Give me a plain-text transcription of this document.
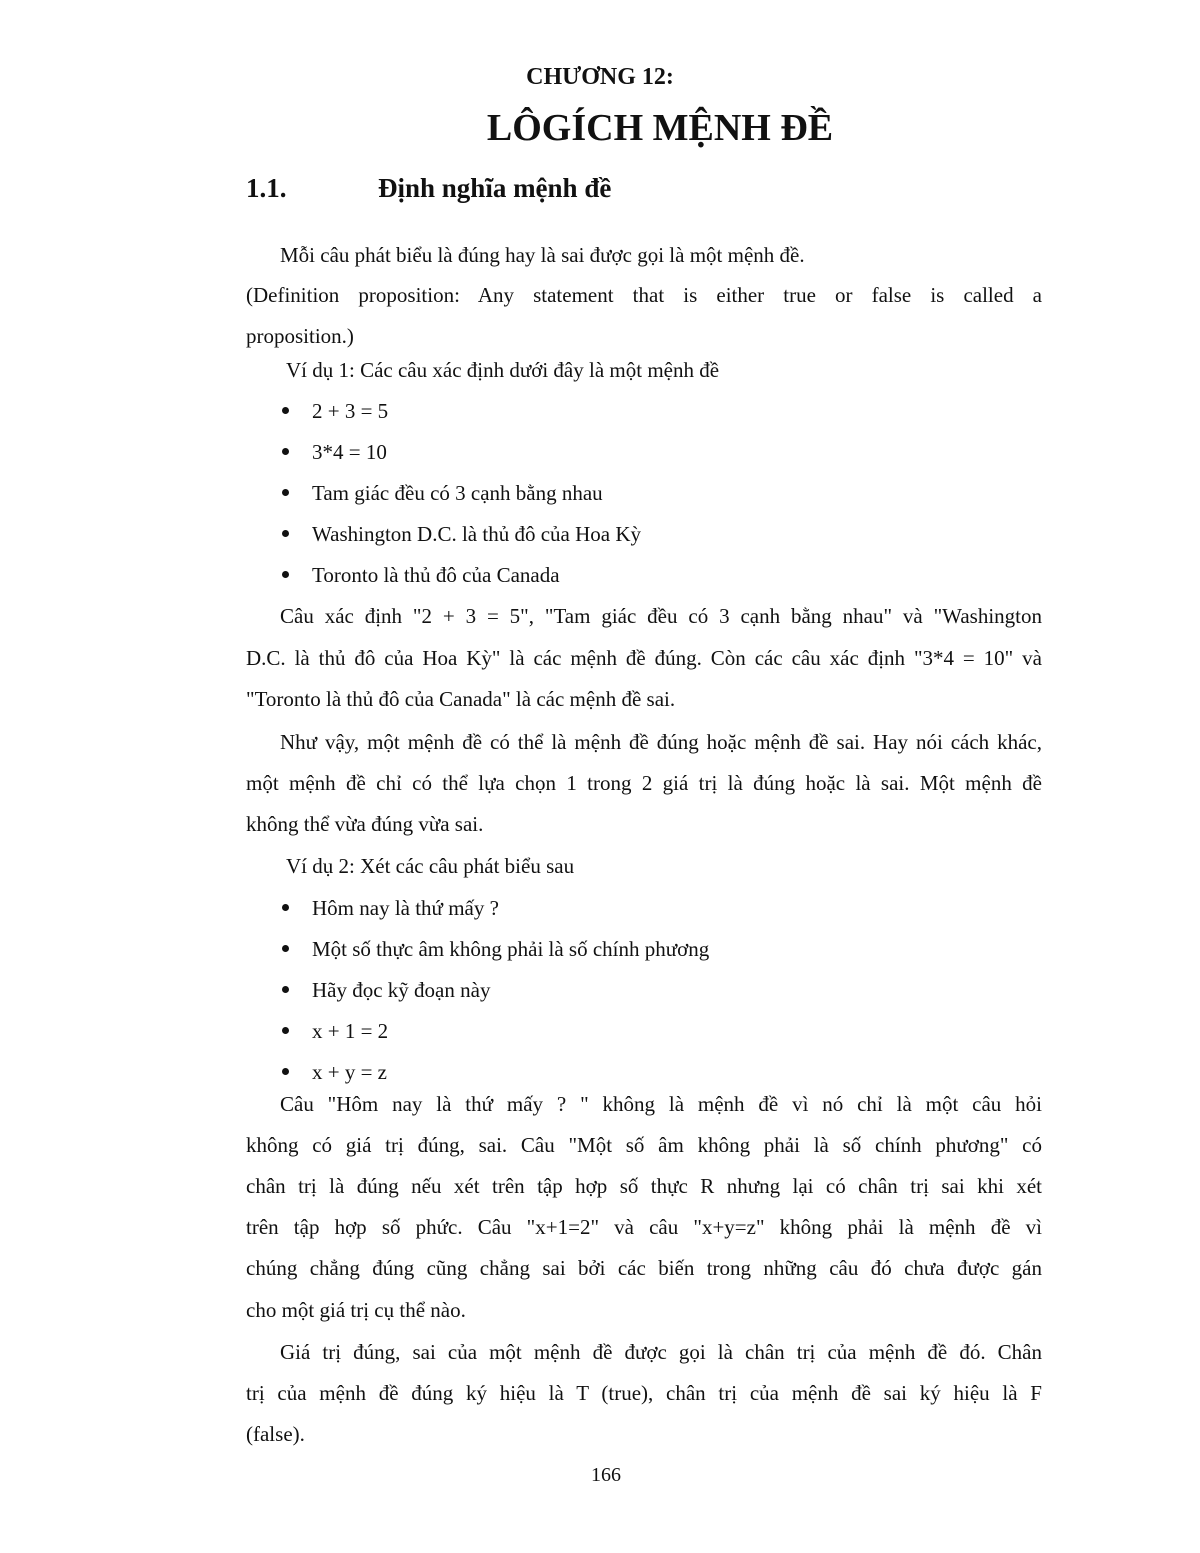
CHƯƠNG 12:
LÔGÍCH MỆNH ĐỀ
1.1.	Định nghĩa mệnh đề
Mỗi câu phát biểu là đúng hay là sai được gọi là một mệnh đề.
(Definition proposition: Any statement that is either true or false is called a
proposition.)
Ví dụ 1: Các câu xác định dưới đây là một mệnh đề
2 + 3 = 5
3*4 = 10
Tam giác đều có 3 cạnh bằng nhau
Washington D.C. là thủ đô của Hoa Kỳ
Toronto là thủ đô của Canada
Câu xác định "2 + 3 = 5", "Tam giác đều có 3 cạnh bằng nhau" và "Washington
D.C. là thủ đô của Hoa Kỳ" là các mệnh đề đúng. Còn các câu xác định "3*4 = 10" và
"Toronto là thủ đô của Canada" là các mệnh đề sai.
Như vậy, một mệnh đề có thể là mệnh đề đúng hoặc mệnh đề sai. Hay nói cách khác,
một mệnh đề chỉ có thể lựa chọn 1 trong 2 giá trị là đúng hoặc là sai. Một mệnh đề
không thể vừa đúng vừa sai.
Ví dụ 2: Xét các câu phát biểu sau
Hôm nay là thứ mấy ?
Một số thực âm không phải là số chính phương
Hãy đọc kỹ đoạn này
x + 1 = 2
x + y = z
Câu "Hôm nay là thứ mấy ? " không là mệnh đề vì nó chỉ là một câu hỏi
không có giá trị đúng, sai. Câu "Một số âm không phải là số chính phương" có
chân trị là đúng nếu xét trên tập hợp số thực R nhưng lại có chân trị sai khi xét
trên tập hợp số phức. Câu "x+1=2" và câu "x+y=z" không phải là mệnh đề vì
chúng chẳng đúng cũng chẳng sai bởi các biến trong những câu đó chưa được gán
cho một giá trị cụ thể nào.
Giá trị đúng, sai của một mệnh đề được gọi là chân trị của mệnh đề đó. Chân
trị của mệnh đề đúng ký hiệu là T (true), chân trị của mệnh đề sai ký hiệu là F
(false).
166
